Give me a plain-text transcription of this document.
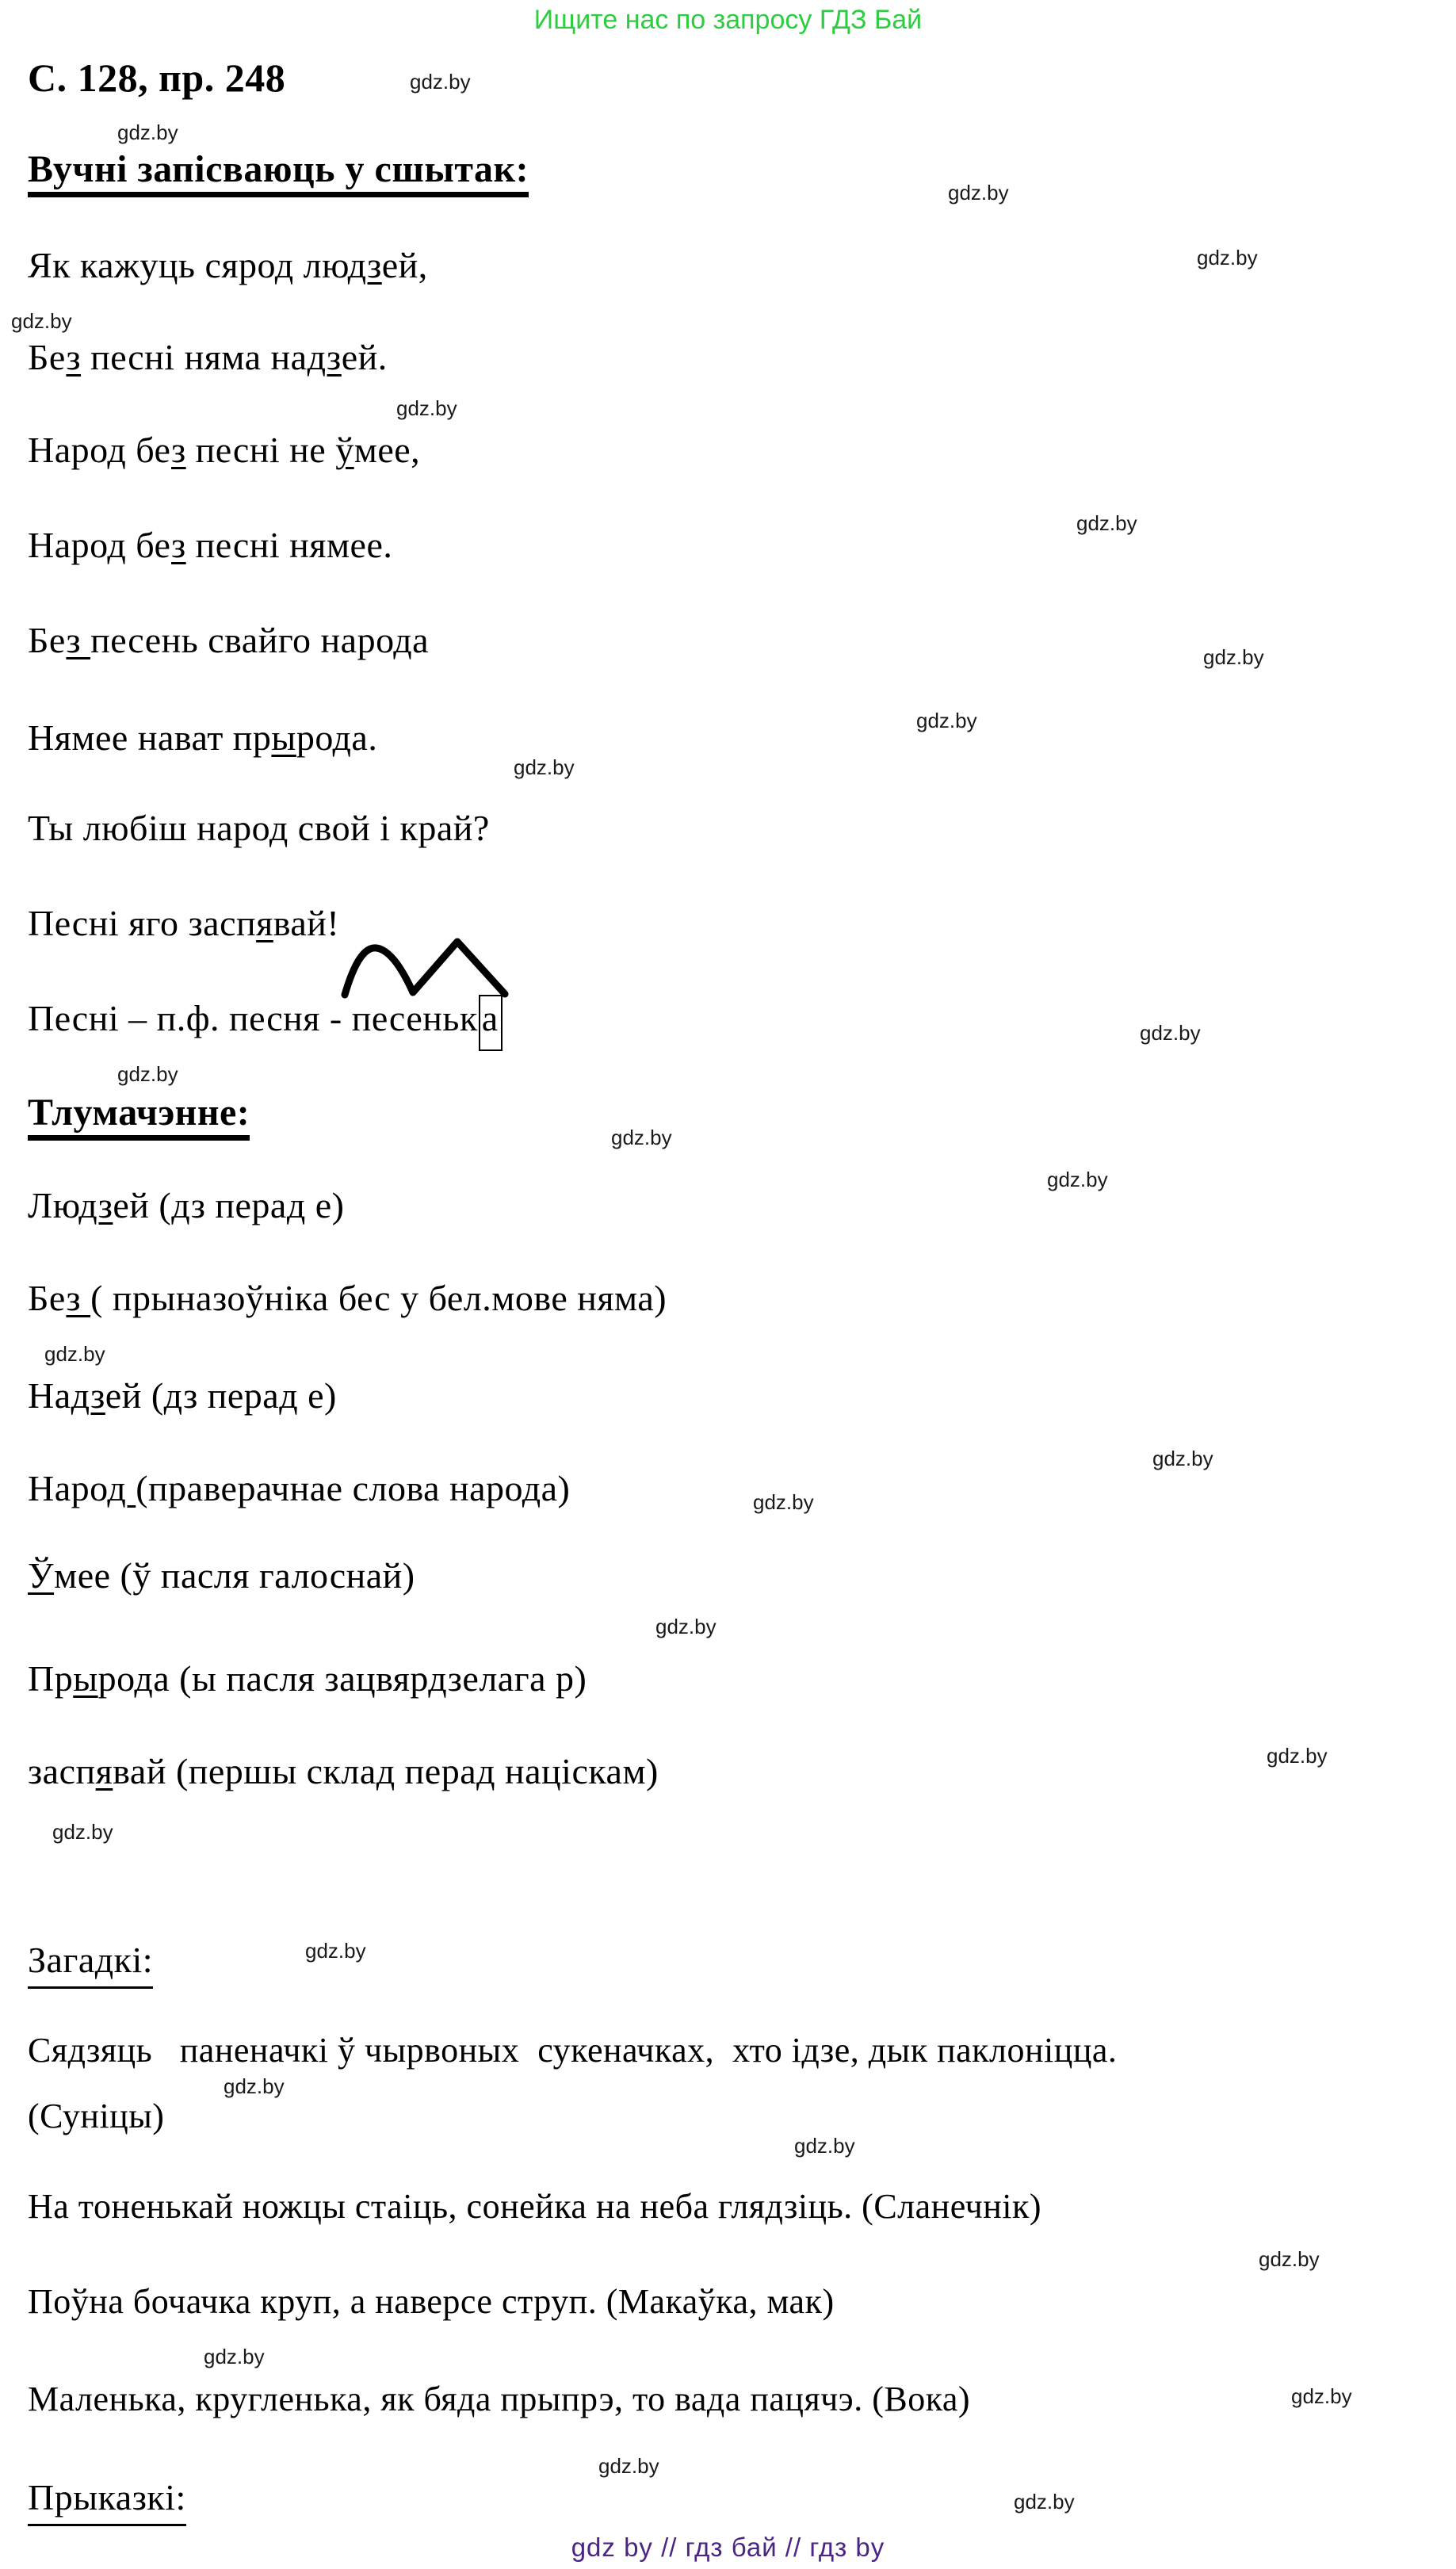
Ищите нас по запросу ГДЗ Бай
gdz.by
gdz.by
gdz.by
gdz.by
gdz.by
gdz.by
gdz.by
gdz.by
gdz.by
gdz.by
gdz.by
gdz.by
gdz.by
gdz.by
gdz.by
gdz.by
gdz.by
gdz.by
gdz.by
gdz.by
gdz.by
gdz.by
gdz.by
gdz.by
gdz.by
gdz.by
gdz.by
gdz.by
С. 128, пр. 248
Вучні запісваюць у сшытак:
Як кажуць сярод людзей,
Без песні няма надзей.
Народ без песні не ўмее,
Народ без песні нямее.
Без песень свайго народа
Нямее нават прырода.
Ты любіш народ свой і край?
Песні яго заспявай!
Песні – п.ф. песня - песеньк а
Тлумачэнне:
Людзей (дз перад е)
Без ( прыназоўніка бес у бел.мове няма)
Надзей (дз перад е)
Народ (праверачнае слова народа)
Ўмее (ў пасля галоснай)
Прырода (ы пасля зацвярдзелага р)
заспявай (першы склад перад націскам)
Загадкі:
Сядзяць   паненачкі ў чырвоных  сукеначках,  хто ідзе, дык паклоніцца.
(Суніцы)
На тоненькай ножцы стаіць, сонейка на неба глядзіць. (Сланечнік)
Поўна бочачка круп, а наверсе струп. (Макаўка, мак)
Маленька, кругленька, як бяда прыпрэ, то вада пацячэ. (Вока)
Прыказкі:
gdz by // гдз бай // гдз by
